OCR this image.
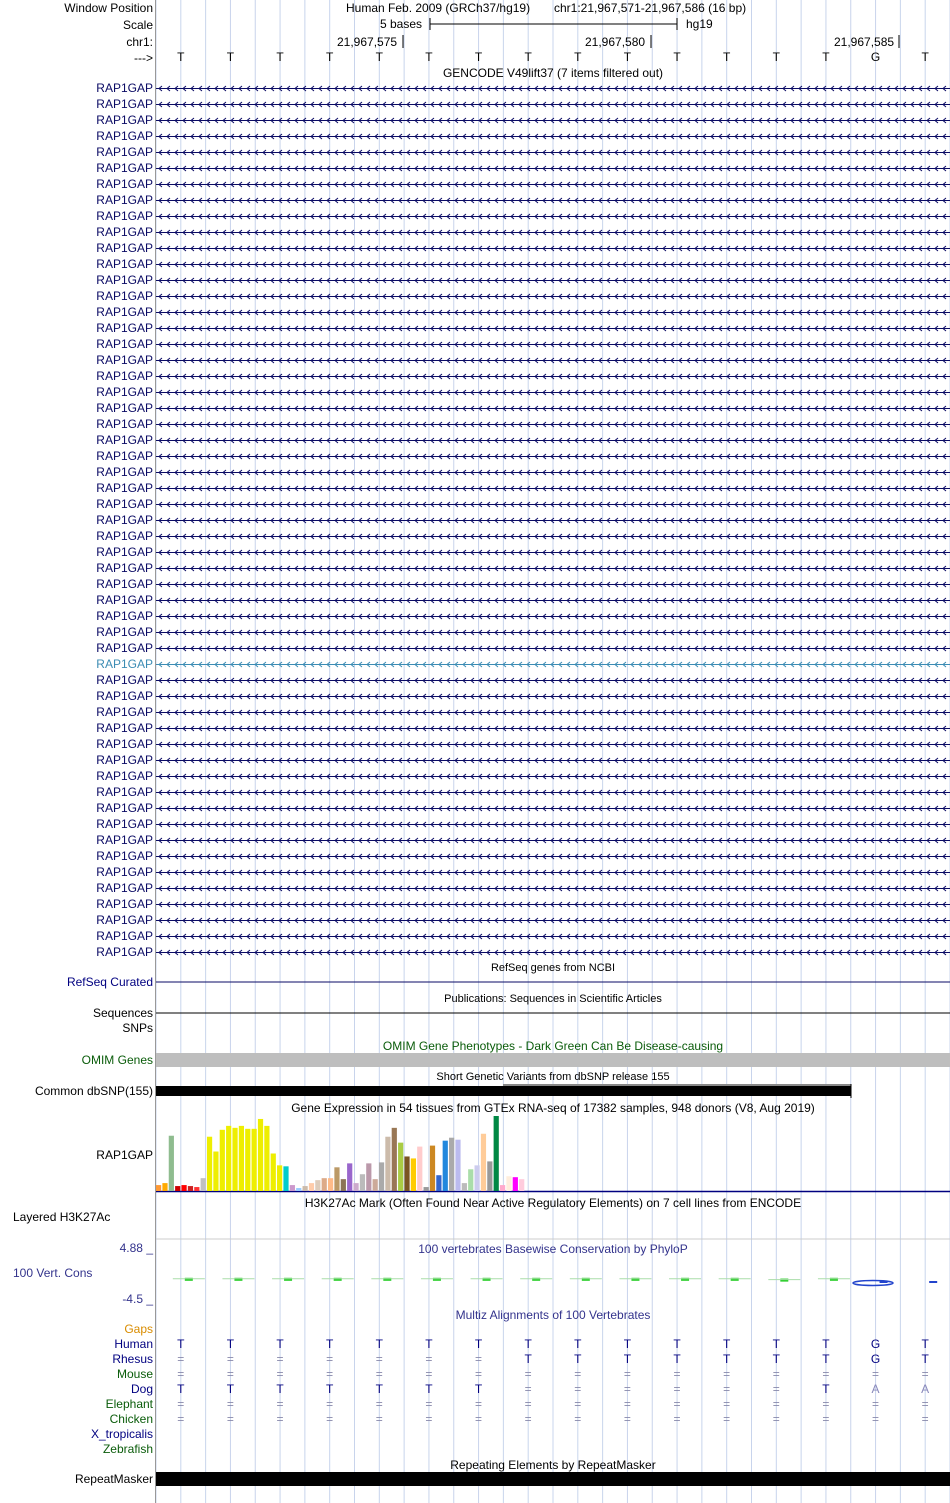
Window Position	Human Feb. 2009 (GRCh37/hg19) chr1:21,967,571-21,967,586 (16 bp)
Scale	5 bases	hg19
chr1:	21,967,575	21,967,580	21,967,585
--->	T	T	T	T	T	T	T	T	T	T	T	T	T	T	G	T
GENCODE V49lift37 (7 items filtered out)
RAP1GAP
RAP1GAP
RAP1GAP
RAP1GAP
RAP1GAP
RAP1GAP
RAP1GAP
RAP1GAP
RAP1GAP
RAP1GAP
RAP1GAP
RAP1GAP
RAP1GAP
RAP1GAP
RAP1GAP
RAP1GAP
RAP1GAP
RAP1GAP
RAP1GAP
RAP1GAP
RAP1GAP
RAP1GAP
RAP1GAP
RAP1GAP
RAP1GAP
RAP1GAP
RAP1GAP
RAP1GAP
RAP1GAP
RAP1GAP
RAP1GAP
RAP1GAP
RAP1GAP
RAP1GAP
RAP1GAP
RAP1GAP
RAP1GAP
RAP1GAP
RAP1GAP
RAP1GAP
RAP1GAP
RAP1GAP
RAP1GAP
RAP1GAP
RAP1GAP
RAP1GAP
RAP1GAP
RAP1GAP
RAP1GAP
RAP1GAP
RAP1GAP
RAP1GAP
RAP1GAP
RAP1GAP
RAP1GAP
RefSeq genes from NCBI
RefSeq Curated
Publications: Sequences in Scientific Articles
Sequences
SNPs
OMIM Gene Phenotypes - Dark Green Can Be Disease-causing
OMIM Genes
Short Genetic Variants from dbSNP release 155
Common dbSNP(155)
Gene Expression in 54 tissues from GTEx RNA-seq of 17382 samples, 948 donors (V8, Aug 2019)
RAP1GAP
H3K27Ac Mark (Often Found Near Active Regulatory Elements) on 7 cell lines from ENCODE
Layered H3K27Ac
100 vertebrates Basewise Conservation by PhyloP
4.88 _
100 Vert. Cons
-4.5 _
Multiz Alignments of 100 Vertebrates
Gaps
Human	T	T	T	T	T	T	T	T	T	T	T	T	T	T	G	T
Rhesus	=	=	=	=	=	=	=	T	T	T	T	T	T	T	G	T
Mouse	=	=	=	=	=	=	=	=	=	=	=	=	=	=	=	=
Dog	T	T	T	T	T	T	T	=	=	=	=	=	=	T	A	A
Elephant	=	=	=	=	=	=	=	=	=	=	=	=	=	=	=	=
Chicken	=	=	=	=	=	=	=	=	=	=	=	=	=	=	=	=
X_tropicalis
Zebrafish
Repeating Elements by RepeatMasker
RepeatMasker
